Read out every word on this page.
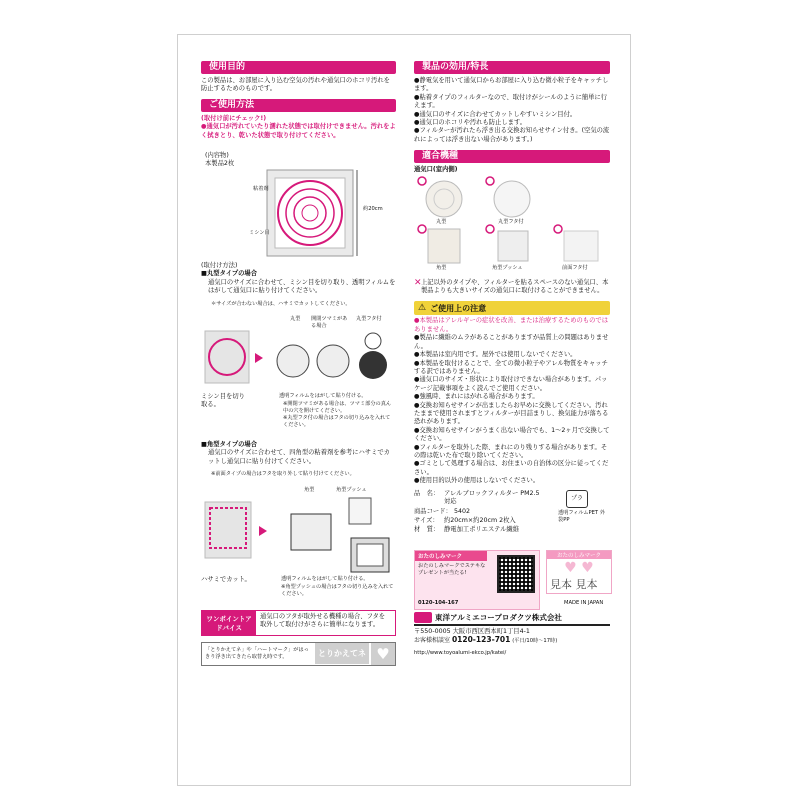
使用目的

この製品は、お部屋に入り込む空気の汚れや通気口のホコリ汚れを防止するためのものです。

ご使用方法

(取付け前にチェック!)

●通気口が汚れていたり濡れた状態では取付けできません。汚れをよく拭きとり、乾いた状態で取り付けてください。

(内容物)
本製品2枚
粘着剤
ミシン目
約20cm

(取付け方法)

■丸型タイプの場合

通気口のサイズに合わせて、ミシン目を切り取り、透明フィルムをはがして通気口に貼り付けてください。

＊サイズが合わない場合は、ハサミでカットしてください。

丸型 開閉ツマミがある場合
丸型フタ付
ミシン目を切り取る。
透明フィルムをはがして貼り付ける。
※開閉ツマミがある場合は、ツマミ部分の真ん中の穴を開けてください。
※丸型フタ付の場合はフタの切り込みを入れてください。

■角型タイプの場合

通気口のサイズに合わせて、四角型の粘着剤を参考にハサミでカットし通気口に貼り付けてください。

※前面タイプの場合はフタを取り外して貼り付けてください。

角型	角型プッシュ
ハサミでカット。	透明フィルムをはがして貼り付ける。
※角型プッシュの場合はフタの切り込みを入れてください。
ワンポイントアドバイス
通気口のフタが取外せる機種の場合、フタを取外して取付けがさらに簡単になります。
「とりかえてネ」や「ハートマーク」がはっきり浮き出てきたら取替え時です。	とりかえてネ ♥
製品の効用/特長

●静電気を用いて通気口からお部屋に入り込む微小粒子をキャッチします。

●粘着タイプのフィルターなので、取付けがシールのように簡単に行えます。

●通気口のサイズに合わせてカットしやすいミシン目付。

●通気口のホコリや汚れも防止します。

●フィルターが汚れたら浮き出る交換お知らせサイン付き。(空気の流れによっては浮き出ない場合があります。)

適合機種

通気口(室内側)

丸型	丸型フタ付
角型	角型プッシュ	前面フタ付
✕ 上記以外のタイプや、フィルターを貼るスペースのない通気口、本製品よりも大きいサイズの通気口に取付けることができません。
⚠ ご使用上の注意

●本製品はアレルギーの症状を改善、または治療するためのものではありません。

●製品に繊維のムラがあることがありますが品質上の問題はありません。

●本製品は室内用です。屋外では使用しないでください。

●本製品を取付けることで、全ての微小粒子やアレル物質をキャッチする訳ではありません。

●通気口のサイズ・形状により取付けできない場合があります。パッケージ記載事項をよく読んでご使用ください。

●強風時、まれにはがれる場合があります。

●交換お知らせサインが出ましたらお早めに交換してください。汚れたままで使用されますとフィルターが目詰まりし、換気能力が落ちる恐れがあります。

●交換お知らせサインがうまく出ない場合でも、1～2ヶ月で交換してください。

●フィルターを取外した際、まれにのり残りする場合があります。その際は乾いた布で取り除いてください。

●ゴミとして処理する場合は、お住まいの自治体の区分に従ってください。

●使用目的以外の使用はしないでください。

品　名： アレルブロックフィルター PM2.5対応
商品コード： 5402
サイズ： 約20cm×約20cm 2枚入
材　質： 静電加工ポリエステル繊維
プラ
透明フィルムPET 外袋PP
おたのしみマーク
おたのしみマークでステキなプレゼントが当たる!
0120-104-167
おたのしみマーク
♥ ♥
見本 見本
MADE IN JAPAN
東洋アルミエコープロダクツ株式会社

〒550-0005 大阪市西区西本町1丁目4-1

お客様相談室 0120-123-701 (平日/10時～17時)

http://www.toyoalumi-ekco.jp/katei/
